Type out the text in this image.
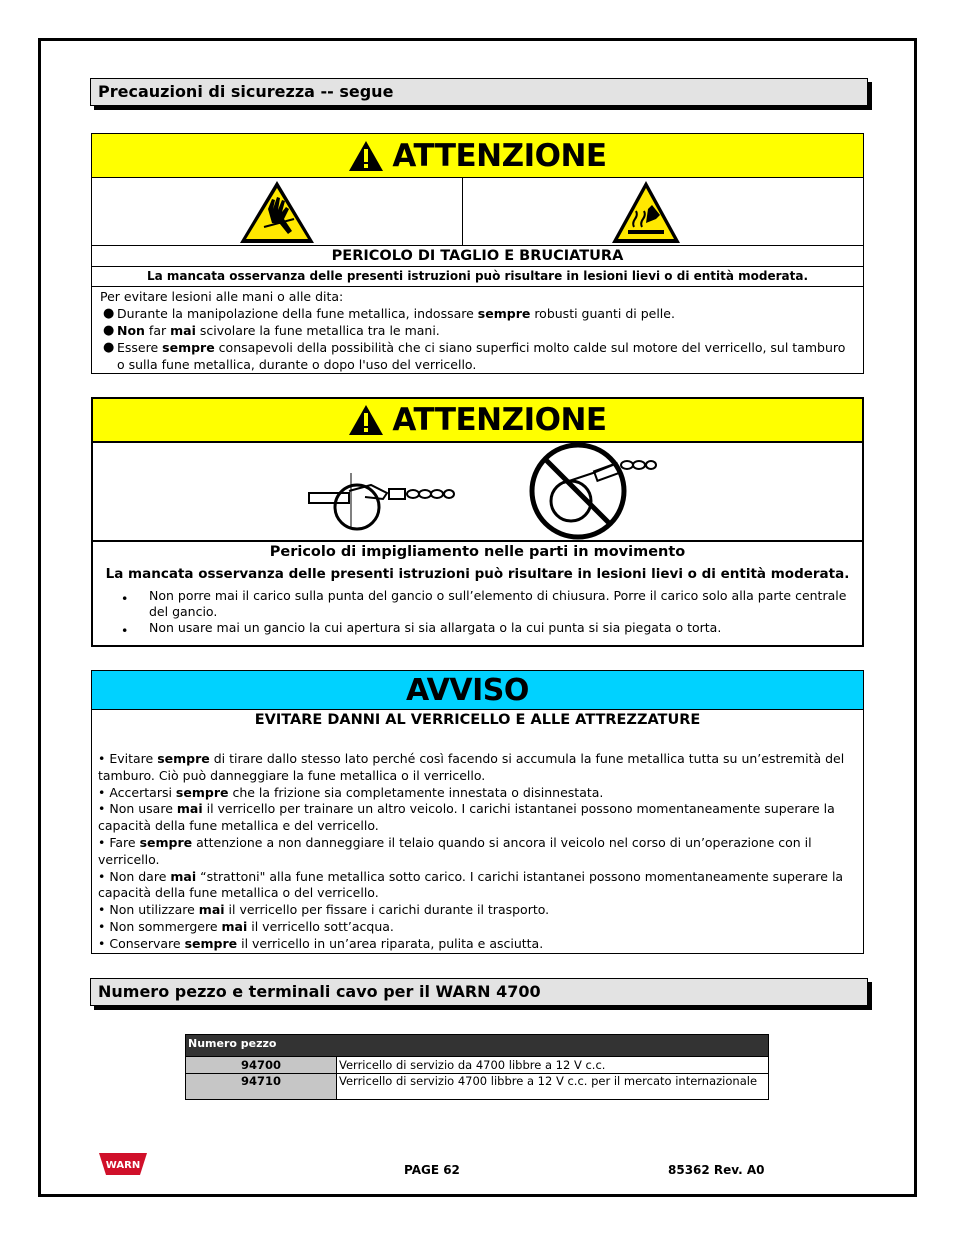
Precauzioni di sicurezza -- segue
ATTENZIONE
PERICOLO DI TAGLIO E BRUCIATURA
La mancata osservanza delle presenti istruzioni può risultare in lesioni lievi o di entità moderata.
Per evitare lesioni alle mani o alle dita:
● Durante la manipolazione della fune metallica, indossare sempre robusti guanti di pelle.
● Non far mai scivolare la fune metallica tra le mani.
● Essere sempre consapevoli della possibilità che ci siano superfici molto calde sul motore del verricello, sul tamburo o sulla fune metallica, durante o dopo l'uso del verricello.
ATTENZIONE
Pericolo di impigliamento nelle parti in movimento
La mancata osservanza delle presenti istruzioni può risultare in lesioni lievi o di entità moderata.
• Non porre mai il carico sulla punta del gancio o sull’elemento di chiusura. Porre il carico solo alla parte centrale del gancio.
• Non usare mai un gancio la cui apertura si sia allargata o la cui punta si sia piegata o torta.
AVVISO
EVITARE DANNI AL VERRICELLO E ALLE ATTREZZATURE
• Evitare sempre di tirare dallo stesso lato perché così facendo si accumula la fune metallica tutta su un’estremità del tamburo. Ciò può danneggiare la fune metallica o il verricello.
• Accertarsi sempre che la frizione sia completamente innestata o disinnestata.
• Non usare mai il verricello per trainare un altro veicolo. I carichi istantanei possono momentaneamente superare la capacità della fune metallica e del verricello.
• Fare sempre attenzione a non danneggiare il telaio quando si ancora il veicolo nel corso di un’operazione con il verricello.
• Non dare mai “strattoni" alla fune metallica sotto carico. I carichi istantanei possono momentaneamente superare la capacità della fune metallica o del verricello.
• Non utilizzare mai il verricello per fissare i carichi durante il trasporto.
• Non sommergere mai il verricello sott’acqua.
• Conservare sempre il verricello in un’area riparata, pulita e asciutta.
Numero pezzo e terminali cavo per il WARN 4700
Numero pezzo	
94700	Verricello di servizio da 4700 libbre a 12 V c.c.
94710	Verricello di servizio 4700 libbre a 12 V c.c. per il mercato internazionale
WARN	PAGE 62	85362 Rev. A0
